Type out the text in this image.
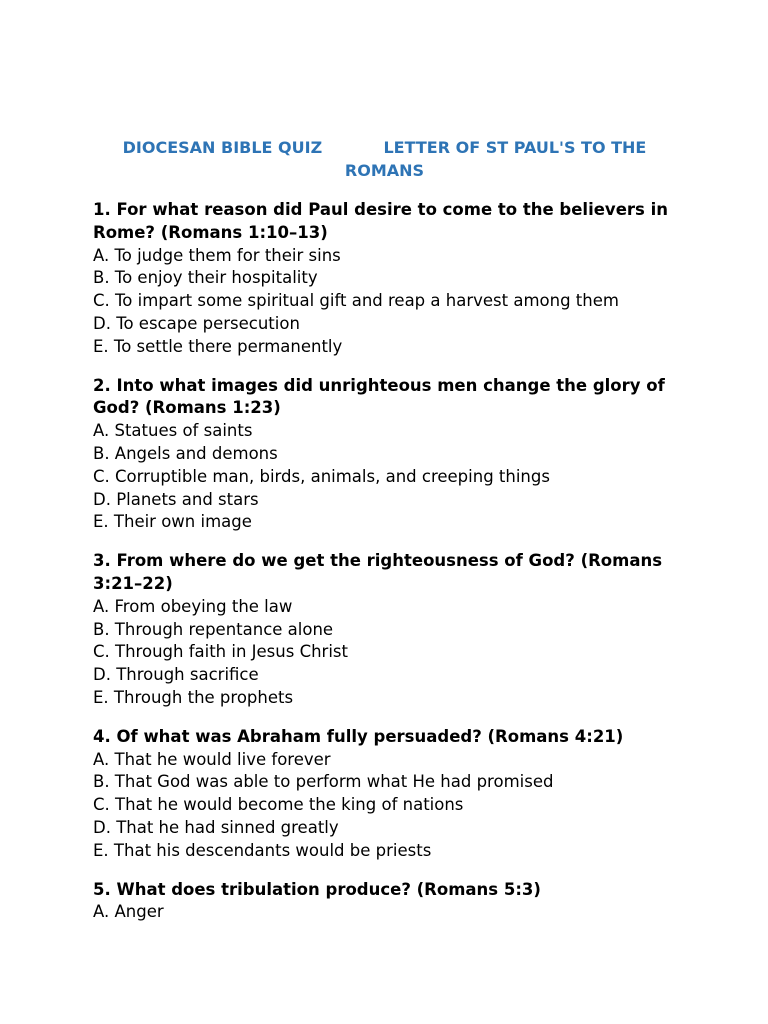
DIOCESAN BIBLE QUIZ           LETTER OF ST PAUL'S TO THE ROMANS

1. For what reason did Paul desire to come to the believers in Rome? (Romans 1:10–13)

A. To judge them for their sins
B. To enjoy their hospitality
C. To impart some spiritual gift and reap a harvest among them
D. To escape persecution
E. To settle there permanently

2. Into what images did unrighteous men change the glory of God? (Romans 1:23)

A. Statues of saints
B. Angels and demons
C. Corruptible man, birds, animals, and creeping things
D. Planets and stars
E. Their own image

3. From where do we get the righteousness of God? (Romans 3:21–22)

A. From obeying the law
B. Through repentance alone
C. Through faith in Jesus Christ
D. Through sacrifice
E. Through the prophets

4. Of what was Abraham fully persuaded? (Romans 4:21)

A. That he would live forever
B. That God was able to perform what He had promised
C. That he would become the king of nations
D. That he had sinned greatly
E. That his descendants would be priests

5. What does tribulation produce? (Romans 5:3)

A. Anger
